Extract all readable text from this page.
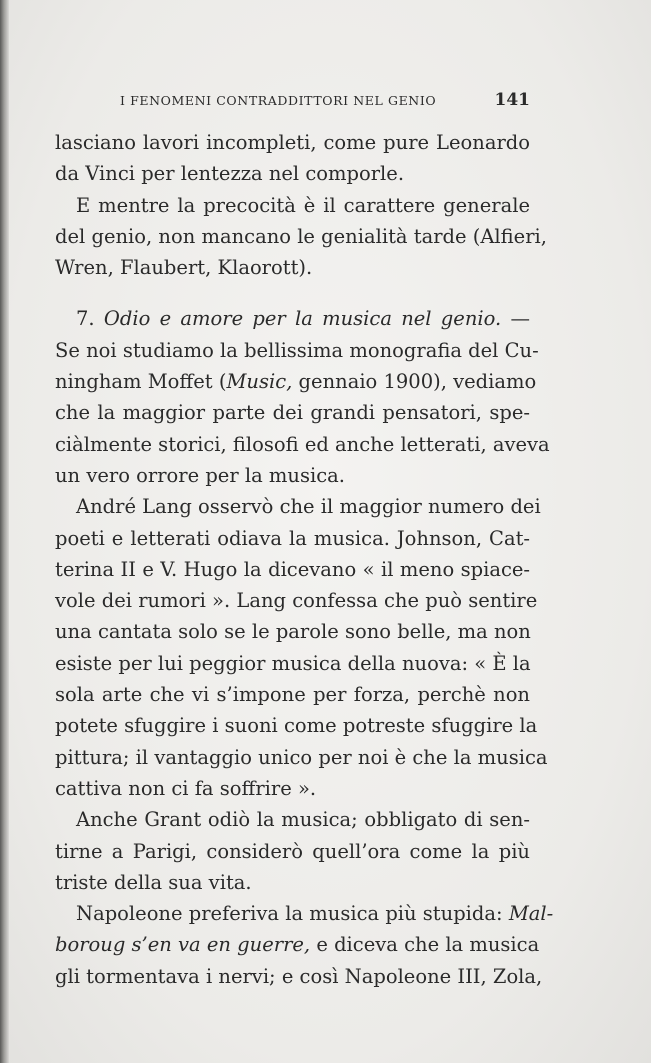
I FENOMENI CONTRADDITTORI NEL GENIO	141

lasciano lavori incompleti, come pure Leonardo
da Vinci per lentezza nel comporle.

E mentre la precocità è il carattere generale
del genio, non mancano le genialità tarde (Alfieri,
Wren, Flaubert, Klaorott).

7. Odio e amore per la musica nel genio. —
Se noi studiamo la bellissima monografia del Cu-
ningham Moffet (Music, gennaio 1900), vediamo
che la maggior parte dei grandi pensatori, spe-
ciàlmente storici, filosofi ed anche letterati, aveva
un vero orrore per la musica.

André Lang osservò che il maggior numero dei
poeti e letterati odiava la musica. Johnson, Cat-
terina II e V. Hugo la dicevano « il meno spiace-
vole dei rumori ». Lang confessa che può sentire
una cantata solo se le parole sono belle, ma non
esiste per lui peggior musica della nuova: « È la
sola arte che vi s’impone per forza, perchè non
potete sfuggire i suoni come potreste sfuggire la
pittura; il vantaggio unico per noi è che la musica
cattiva non ci fa soffrire ».

Anche Grant odiò la musica; obbligato di sen-
tirne a Parigi, considerò quell’ora come la più
triste della sua vita.

Napoleone preferiva la musica più stupida: Mal-
boroug s’en va en guerre, e diceva che la musica
gli tormentava i nervi; e così Napoleone III, Zola,
